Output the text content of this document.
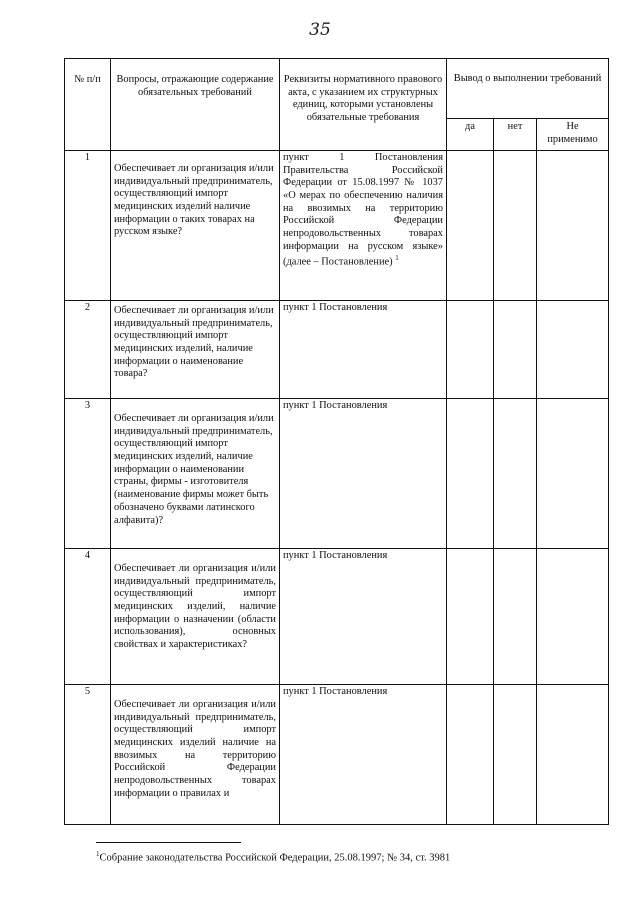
35
№ п/п	Вопросы, отражающие содержание обязательных требований	Реквизиты нормативного правового акта, с указанием их структурных единиц, которыми установлены обязательные требования	Вывод о выполнении требований		
			да	нет	Не применимо
1	Обеспечивает ли организация и/или индивидуальный предприниматель, осуществляющий импорт медицинских изделий наличие информации о таких товарах на русском языке?	пункт 1 Постановления Правительства Российской Федерации от 15.08.1997 № 1037 «О мерах по обеспечению наличия на ввозимых на территорию Российской Федерации непродовольственных товарах информации на русском языке» (далее – Постановление) $^1$			
2	Обеспечивает ли организация и/или индивидуальный предприниматель, осуществляющий импорт медицинских изделий, наличие информации о наименование товара?	пункт 1 Постановления			
3	Обеспечивает ли организация и/или индивидуальный предприниматель, осуществляющий импорт медицинских изделий, наличие информации о наименовании страны, фирмы - изготовителя (наименование фирмы может быть обозначено буквами латинского алфавита)?	пункт 1 Постановления			
4	Обеспечивает ли организация и/или индивидуальный предприниматель, осуществляющий импорт медицинских изделий, наличие информации о назначении (области использования), основных свойствах и характеристиках?	пункт 1 Постановления			
5	Обеспечивает ли организация и/или индивидуальный предприниматель, осуществляющий импорт медицинских изделий наличие на ввозимых на территорию Российской Федерации непродовольственных товарах информации о правилах и	пункт 1 Постановления			
$^1$Собрание законодательства Российской Федерации, 25.08.1997; № 34, ст. 3981
